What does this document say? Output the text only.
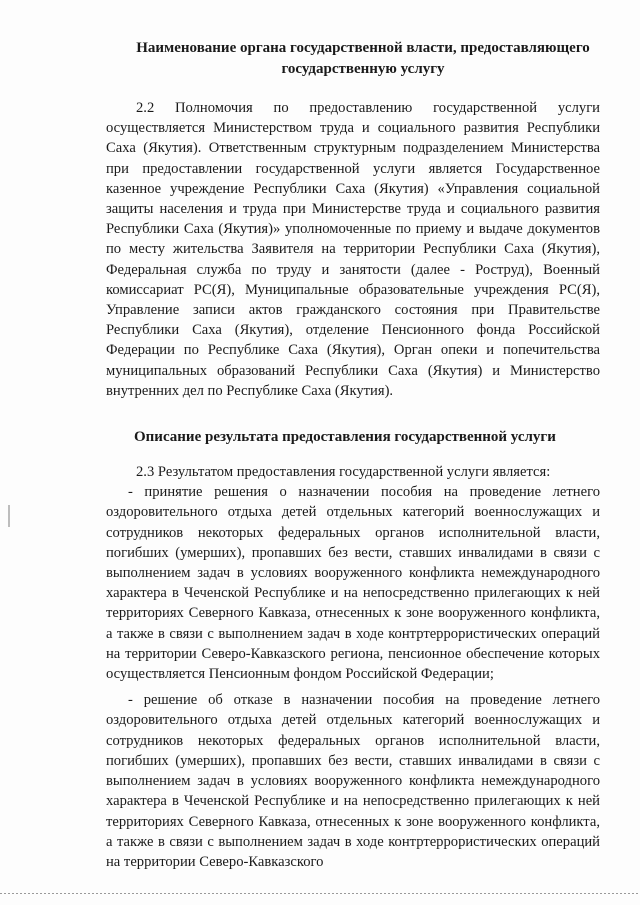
Наименование органа государственной власти, предоставляющего государственную услугу

2.2 Полномочия по предоставлению государственной услуги осуществляется Министерством труда и социального развития Республики Саха (Якутия). Ответственным структурным подразделением Министерства при предоставлении государственной услуги является Государственное казенное учреждение Республики Саха (Якутия) «Управления социальной защиты населения и труда при Министерстве труда и социального развития Республики Саха (Якутия)» уполномоченные по приему и выдаче документов по месту жительства Заявителя на территории Республики Саха (Якутия), Федеральная служба по труду и занятости (далее - Роструд), Военный комиссариат РС(Я), Муниципальные образовательные учреждения РС(Я), Управление записи актов гражданского состояния при Правительстве Республики Саха (Якутия), отделение Пенсионного фонда Российской Федерации по Республике Саха (Якутия), Орган опеки и попечительства муниципальных образований Республики Саха (Якутия) и Министерство внутренних дел по Республике Саха (Якутия).

Описание результата предоставления государственной услуги

2.3 Результатом предоставления государственной услуги является:

- принятие решения о назначении пособия на проведение летнего оздоровительного отдыха детей отдельных категорий военнослужащих и сотрудников некоторых федеральных органов исполнительной власти, погибших (умерших), пропавших без вести, ставших инвалидами в связи с выполнением задач в условиях вооруженного конфликта немеждународного характера в Чеченской Республике и на непосредственно прилегающих к ней территориях Северного Кавказа, отнесенных к зоне вооруженного конфликта, а также в связи с выполнением задач в ходе контртеррористических операций на территории Северо-Кавказского региона, пенсионное обеспечение которых осуществляется Пенсионным фондом Российской Федерации;

- решение об отказе в назначении пособия на проведение летнего оздоровительного отдыха детей отдельных категорий военнослужащих и сотрудников некоторых федеральных органов исполнительной власти, погибших (умерших), пропавших без вести, ставших инвалидами в связи с выполнением задач в условиях вооруженного конфликта немеждународного характера в Чеченской Республике и на непосредственно прилегающих к ней территориях Северного Кавказа, отнесенных к зоне вооруженного конфликта, а также в связи с выполнением задач в ходе контртеррористических операций на территории Северо-Кавказского
